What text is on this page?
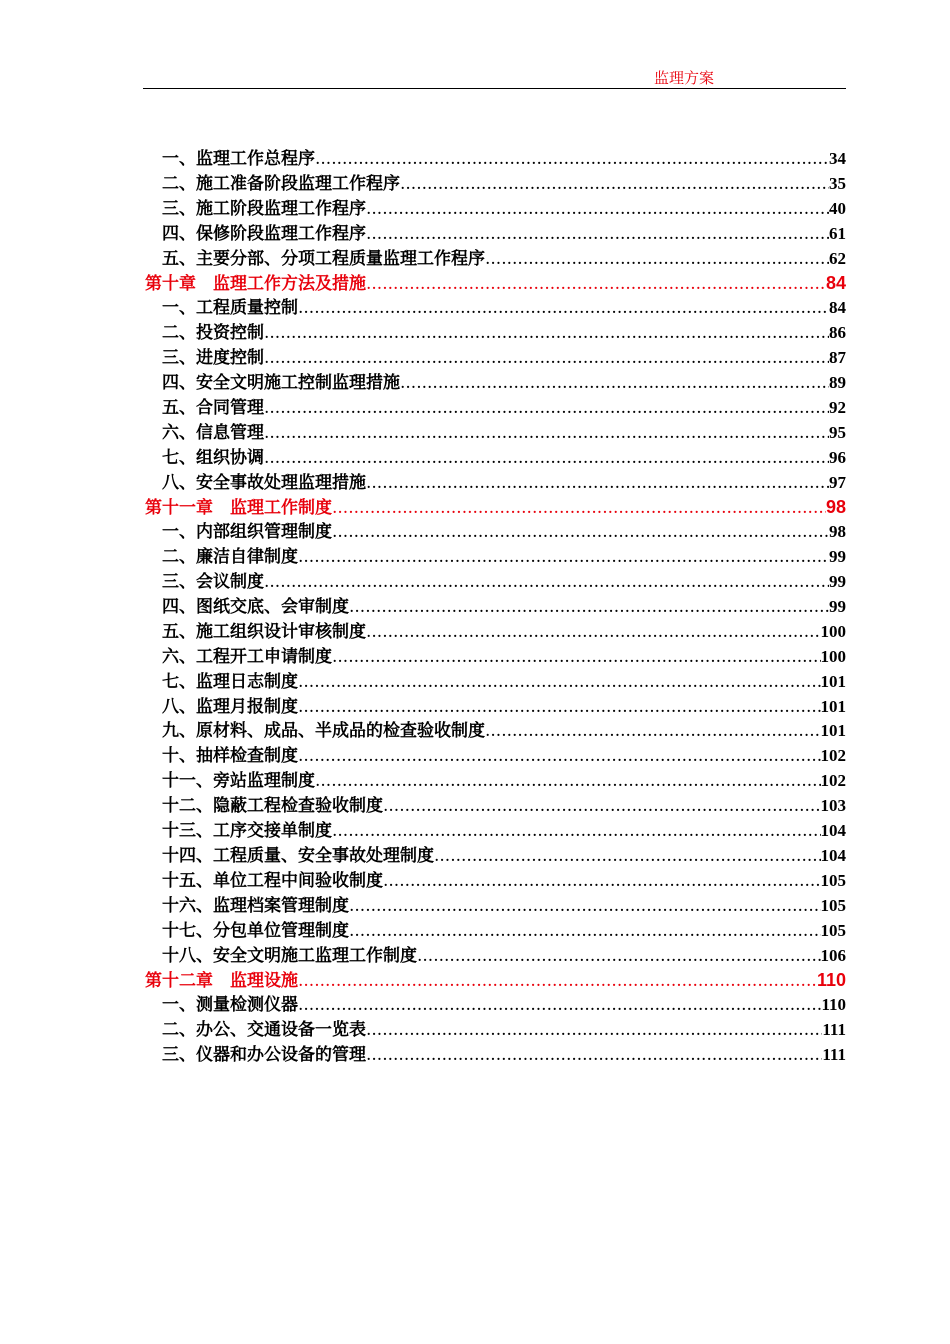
监理方案
一、监理工作总程序 .....	34
二、施工准备阶段监理工作程序 .....	35
三、施工阶段监理工作程序 .....	40
四、保修阶段监理工作程序 .....	61
五、主要分部、分项工程质量监理工作程序 .....	62
第十章　监理工作方法及措施 .....	84
一、工程质量控制 .....	84
二、投资控制 .....	86
三、进度控制 .....	87
四、安全文明施工控制监理措施 .....	89
五、合同管理 .....	92
六、信息管理 .....	95
七、组织协调 .....	96
八、安全事故处理监理措施 .....	97
第十一章　监理工作制度 .....	98
一、内部组织管理制度 .....	98
二、廉洁自律制度 .....	99
三、会议制度 .....	99
四、图纸交底、会审制度 .....	99
五、施工组织设计审核制度 .....	100
六、工程开工申请制度 .....	100
七、监理日志制度 .....	101
八、监理月报制度 .....	101
九、原材料、成品、半成品的检查验收制度 .....	101
十、抽样检查制度 .....	102
十一、旁站监理制度 .....	102
十二、隐蔽工程检查验收制度 .....	103
十三、工序交接单制度 .....	104
十四、工程质量、安全事故处理制度 .....	104
十五、单位工程中间验收制度 .....	105
十六、监理档案管理制度 .....	105
十七、分包单位管理制度 .....	105
十八、安全文明施工监理工作制度 .....	106
第十二章　监理设施 .....	110
一、测量检测仪器 .....	110
二、办公、交通设备一览表 .....	111
三、仪器和办公设备的管理 .....	111
